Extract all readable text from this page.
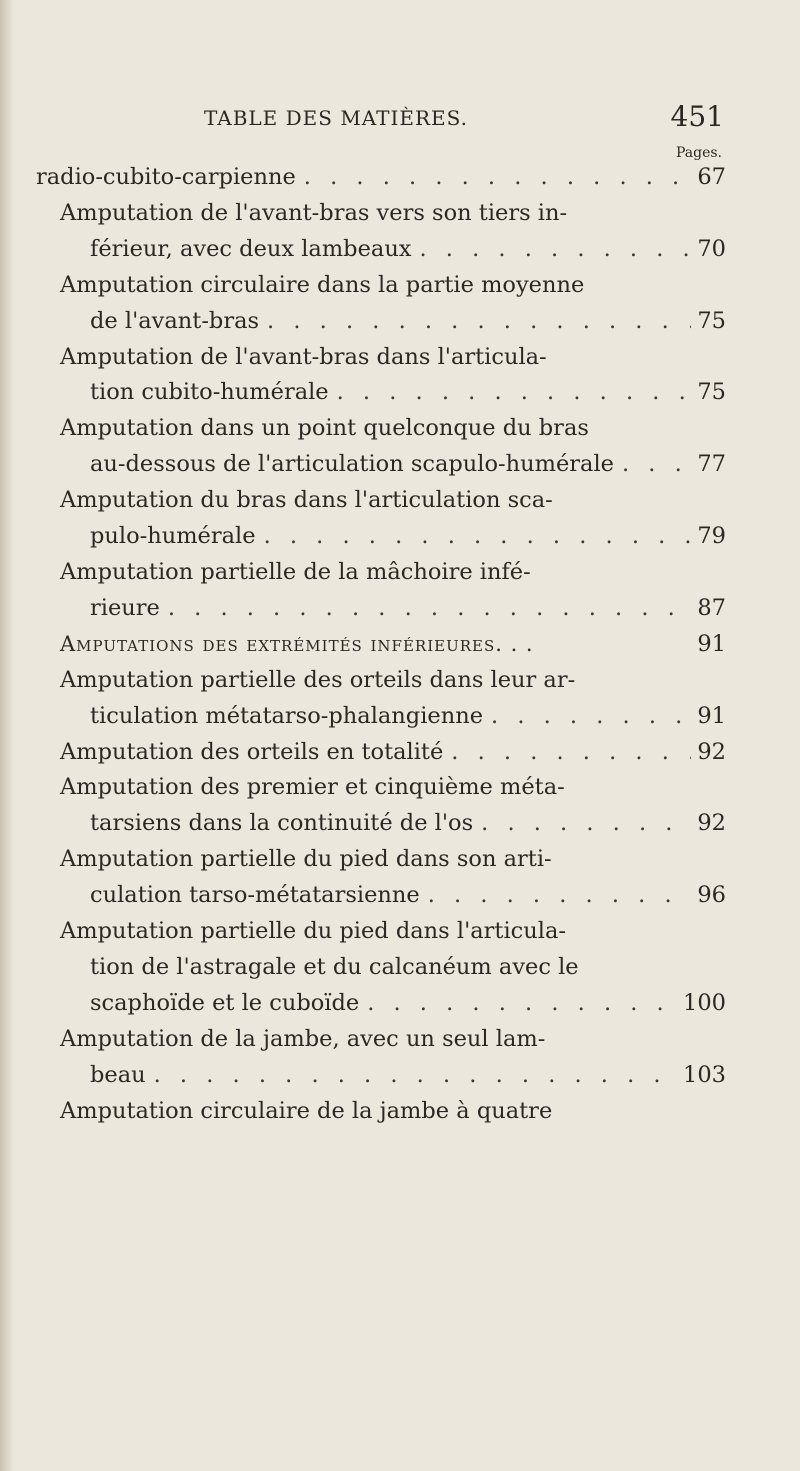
TABLE DES MATIÈRES.	451
Pages.
radio-cubito-carpienne . . .	67
Amputation de l'avant-bras vers son tiers in-
férieur, avec deux lambeaux . . .	70
Amputation circulaire dans la partie moyenne
de l'avant-bras . . .	75
Amputation de l'avant-bras dans l'articula-
tion cubito-humérale . . .	75
Amputation dans un point quelconque du bras
au-dessous de l'articulation scapulo-humérale . . .	77
Amputation du bras dans l'articulation sca-
pulo-humérale . . .	79
Amputation partielle de la mâchoire infé-
rieure . . .	87
Amputations des extrémités inférieures. . .	91
Amputation partielle des orteils dans leur ar-
ticulation métatarso-phalangienne . . .	91
Amputation des orteils en totalité . . .	92
Amputation des premier et cinquième méta-
tarsiens dans la continuité de l'os . . .	92
Amputation partielle du pied dans son arti-
culation tarso-métatarsienne . . .	96
Amputation partielle du pied dans l'articula-
tion de l'astragale et du calcanéum avec le
scaphoïde et le cuboïde . . .	100
Amputation de la jambe, avec un seul lam-
beau . . .	103
Amputation circulaire de la jambe à quatre
